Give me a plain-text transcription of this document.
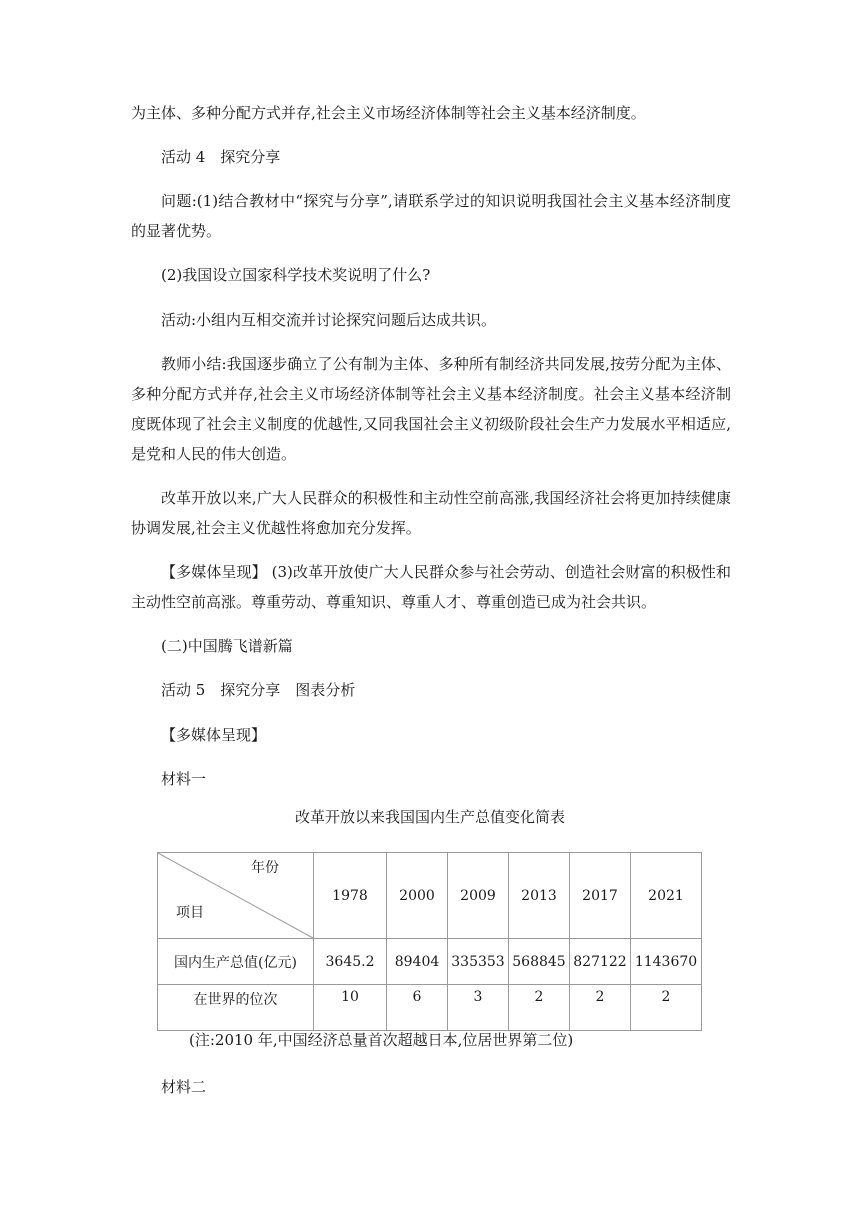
为主体、多种分配方式并存,社会主义市场经济体制等社会主义基本经济制度。

活动 4　探究分享

问题:(1)结合教材中“探究与分享”,请联系学过的知识说明我国社会主义基本经济制度的显著优势。

(2)我国设立国家科学技术奖说明了什么?

活动:小组内互相交流并讨论探究问题后达成共识。

教师小结:我国逐步确立了公有制为主体、多种所有制经济共同发展,按劳分配为主体、多种分配方式并存,社会主义市场经济体制等社会主义基本经济制度。社会主义基本经济制度既体现了社会主义制度的优越性,又同我国社会主义初级阶段社会生产力发展水平相适应,是党和人民的伟大创造。

改革开放以来,广大人民群众的积极性和主动性空前高涨,我国经济社会将更加持续健康协调发展,社会主义优越性将愈加充分发挥。

【多媒体呈现】 (3)改革开放使广大人民群众参与社会劳动、创造社会财富的积极性和主动性空前高涨。尊重劳动、尊重知识、尊重人才、尊重创造已成为社会共识。

(二)中国腾飞谱新篇

活动 5　探究分享　图表分析

【多媒体呈现】

材料一

改革开放以来我国国内生产总值变化简表
年份
项目	1978	2000	2009	2013	2017	2021
国内生产总值(亿元)	3645.2	89404	335353	568845	827122	1143670
在世界的位次	10	6	3	2	2	2
(注:2010 年,中国经济总量首次超越日本,位居世界第二位)

材料二
